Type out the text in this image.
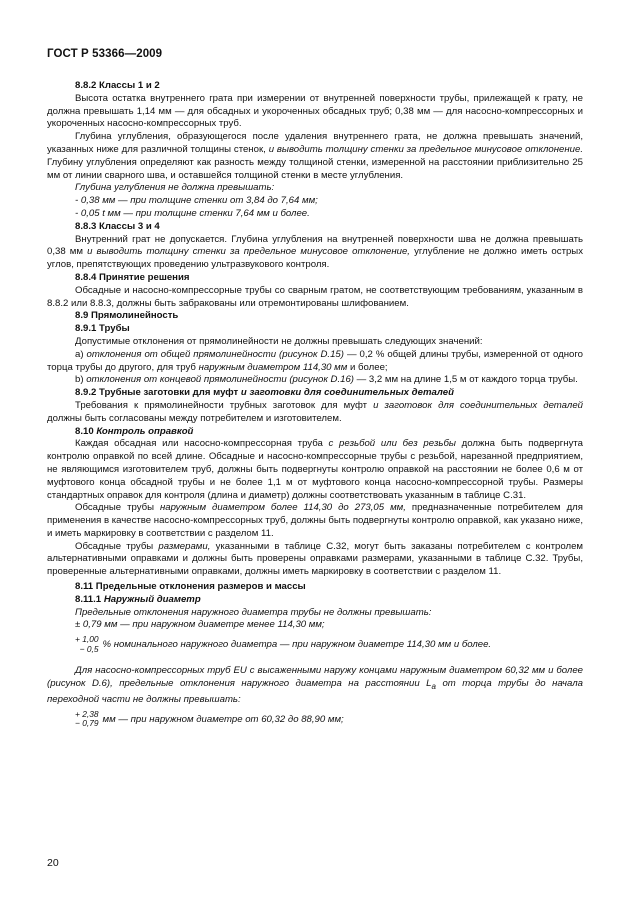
ГОСТ Р 53366—2009

8.8.2 Классы 1 и 2

Высота остатка внутреннего грата при измерении от внутренней поверхности трубы, прилежащей к грату, не должна превышать 1,14 мм — для обсадных и укороченных обсадных труб; 0,38 мм — для насосно-компрессорных и укороченных насосно-компрессорных труб.

Глубина углубления, образующегося после удаления внутреннего грата, не должна превышать значений, указанных ниже для различной толщины стенок, и выводить толщину стенки за предельное минусовое отклонение. Глубину углубления определяют как разность между толщиной стенки, измеренной на расстоянии приблизительно 25 мм от линии сварного шва, и оставшейся толщиной стенки в месте углубления.

Глубина углубления не должна превышать:

- 0,38 мм — при толщине стенки от 3,84 до 7,64 мм;

- 0,05 t мм — при толщине стенки 7,64 мм и более.

8.8.3 Классы 3 и 4

Внутренний грат не допускается. Глубина углубления на внутренней поверхности шва не должна превышать 0,38 мм и выводить толщину стенки за предельное минусовое отклонение, углубление не должно иметь острых углов, препятствующих проведению ультразвукового контроля.

8.8.4 Принятие решения

Обсадные и насосно-компрессорные трубы со сварным гратом, не соответствующим требованиям, указанным в 8.8.2 или 8.8.3, должны быть забракованы или отремонтированы шлифованием.

8.9 Прямолинейность

8.9.1 Трубы

Допустимые отклонения от прямолинейности не должны превышать следующих значений:

а) отклонения от общей прямолинейности (рисунок D.15) — 0,2 % общей длины трубы, измеренной от одного торца трубы до другого, для труб наружным диаметром 114,30 мм и более;

b) отклонения от концевой прямолинейности (рисунок D.16) — 3,2 мм на длине 1,5 м от каждого торца трубы.

8.9.2 Трубные заготовки для муфт и заготовки для соединительных деталей

Требования к прямолинейности трубных заготовок для муфт и заготовок для соединительных деталей должны быть согласованы между потребителем и изготовителем.

8.10 Контроль оправкой

Каждая обсадная или насосно-компрессорная труба с резьбой или без резьбы должна быть подвергнута контролю оправкой по всей длине. Обсадные и насосно-компрессорные трубы с резьбой, нарезанной предприятием, не являющимся изготовителем труб, должны быть подвергнуты контролю оправкой на расстоянии не более 0,6 м от муфтового конца обсадной трубы и не более 1,1 м от муфтового конца насосно-компрессорной трубы. Размеры стандартных оправок для контроля (длина и диаметр) должны соответствовать указанным в таблице С.31.

Обсадные трубы наружным диаметром более 114,30 до 273,05 мм, предназначенные потребителем для применения в качестве насосно-компрессорных труб, должны быть подвергнуты контролю оправкой, как указано ниже, и иметь маркировку в соответствии с разделом 11.

Обсадные трубы размерами, указанными в таблице С.32, могут быть заказаны потребителем с контролем альтернативными оправками и должны быть проверены оправками размерами, указанными в таблице С.32. Трубы, проверенные альтернативными оправками, должны иметь маркировку в соответствии с разделом 11.

8.11 Предельные отклонения размеров и массы

8.11.1 Наружный диаметр

Предельные отклонения наружного диаметра трубы не должны превышать:

± 0,79 мм — при наружном диаметре менее 114,30 мм;

+ 1,00
− 0,5 % номинального наружного диаметра — при наружном диаметре 114,30 мм и более.

Для насосно-компрессорных труб EU с высаженными наружу концами наружным диаметром 60,32 мм и более (рисунок D.6), предельные отклонения наружного диаметра на расстоянии $L_a$ от торца трубы до начала переходной части не должны превышать:

+ 2,38
− 0,79 мм — при наружном диаметре от 60,32 до 88,90 мм;
20
